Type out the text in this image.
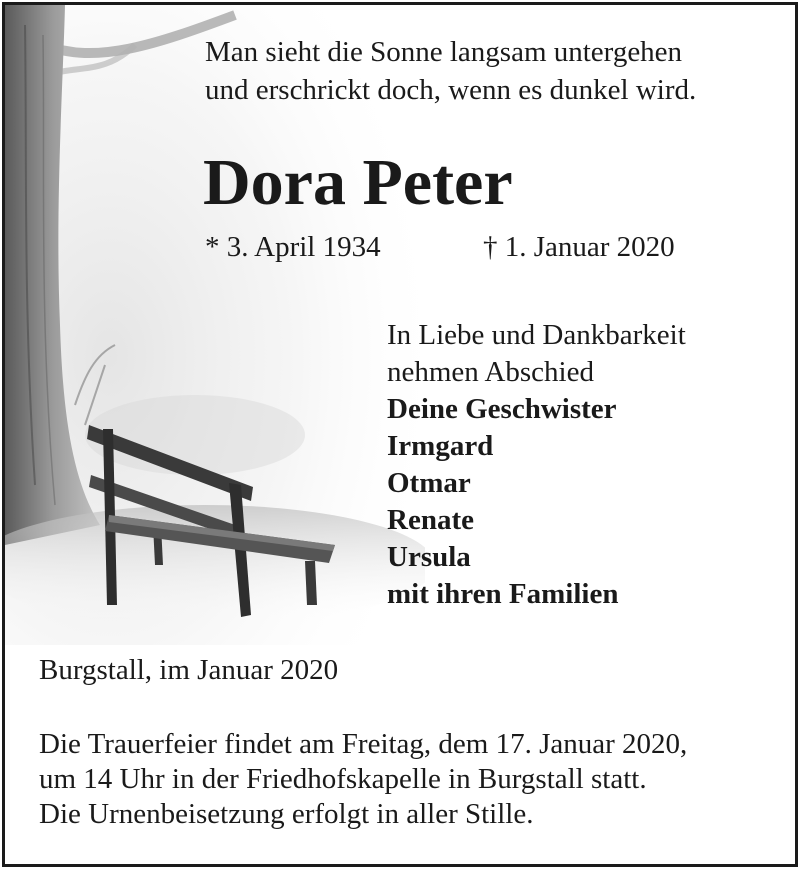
Man sieht die Sonne langsam untergehen
und erschrickt doch, wenn es dunkel wird.
Dora Peter
* 3. April 1934	† 1. Januar 2020
In Liebe und Dankbarkeit
nehmen Abschied
Deine Geschwister
Irmgard
Otmar
Renate
Ursula
mit ihren Familien
Burgstall, im Januar 2020
Die Trauerfeier findet am Freitag, dem 17. Januar 2020,
um 14 Uhr in der Friedhofskapelle in Burgstall statt.
Die Urnenbeisetzung erfolgt in aller Stille.
